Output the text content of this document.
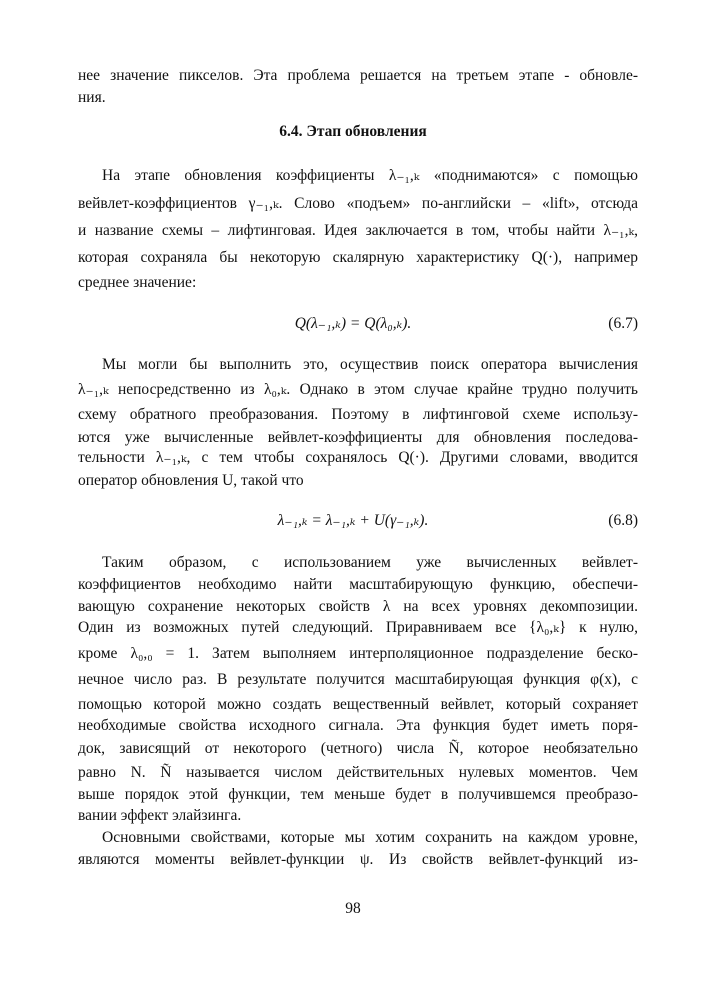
нее значение пикселов. Эта проблема решается на третьем этапе - обновле-
ния.
6.4. Этап обновления
На этапе обновления коэффициенты λ₋₁,ₖ «поднимаются» с помощью
вейвлет-коэффициентов γ₋₁,ₖ. Слово «подъем» по-английски – «lift», отсюда
и название схемы – лифтинговая. Идея заключается в том, чтобы найти λ₋₁,ₖ,
которая сохраняла бы некоторую скалярную характеристику Q(·), например
среднее значение:
Q(λ₋₁,ₖ) = Q(λ₀,ₖ).	(6.7)
Мы могли бы выполнить это, осуществив поиск оператора вычисления
λ₋₁,ₖ непосредственно из λ₀,ₖ. Однако в этом случае крайне трудно получить
схему обратного преобразования. Поэтому в лифтинговой схеме использу-
ются уже вычисленные вейвлет-коэффициенты для обновления последова-
тельности λ₋₁,ₖ, с тем чтобы сохранялось Q(·). Другими словами, вводится
оператор обновления U, такой что
λ₋₁,ₖ = λ₋₁,ₖ + U(γ₋₁,ₖ).	(6.8)
Таким образом, с использованием уже вычисленных вейвлет-
коэффициентов необходимо найти масштабирующую функцию, обеспечи-
вающую сохранение некоторых свойств λ на всех уровнях декомпозиции.
Один из возможных путей следующий. Приравниваем все {λ₀,ₖ} к нулю,
кроме λ₀,₀ = 1. Затем выполняем интерполяционное подразделение беско-
нечное число раз. В результате получится масштабирующая функция φ(x), с
помощью которой можно создать вещественный вейвлет, который сохраняет
необходимые свойства исходного сигнала. Эта функция будет иметь поря-
док, зависящий от некоторого (четного) числа Ñ, которое необязательно
равно N. Ñ называется числом действительных нулевых моментов. Чем
выше порядок этой функции, тем меньше будет в получившемся преобразо-
вании эффект элайзинга.
Основными свойствами, которые мы хотим сохранить на каждом уровне,
являются моменты вейвлет-функции ψ. Из свойств вейвлет-функций из-
98
